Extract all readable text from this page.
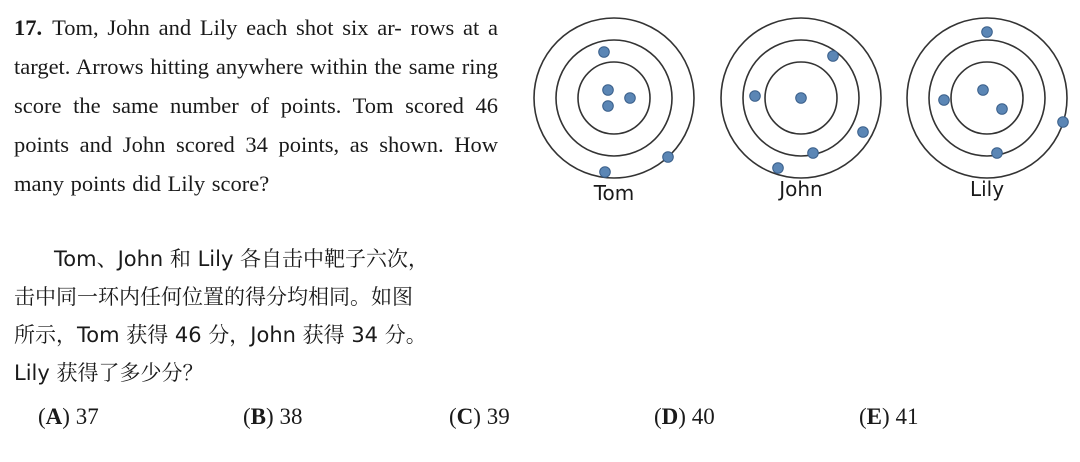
17. Tom, John and Lily each shot six ar- rows at a target. Arrows hitting anywhere within the same ring score the same number of points. Tom scored 46 points and John scored 34 points, as shown. How many points did Lily score?
Tom、John 和 Lily 各自击中靶子六次，
击中同一环内任何位置的得分均相同。如图
所示，Tom 获得 46 分，John 获得 34 分。
Lily 获得了多少分？
Tom	John	Lily
(A) 37	(B) 38	(C) 39	(D) 40	(E) 41
